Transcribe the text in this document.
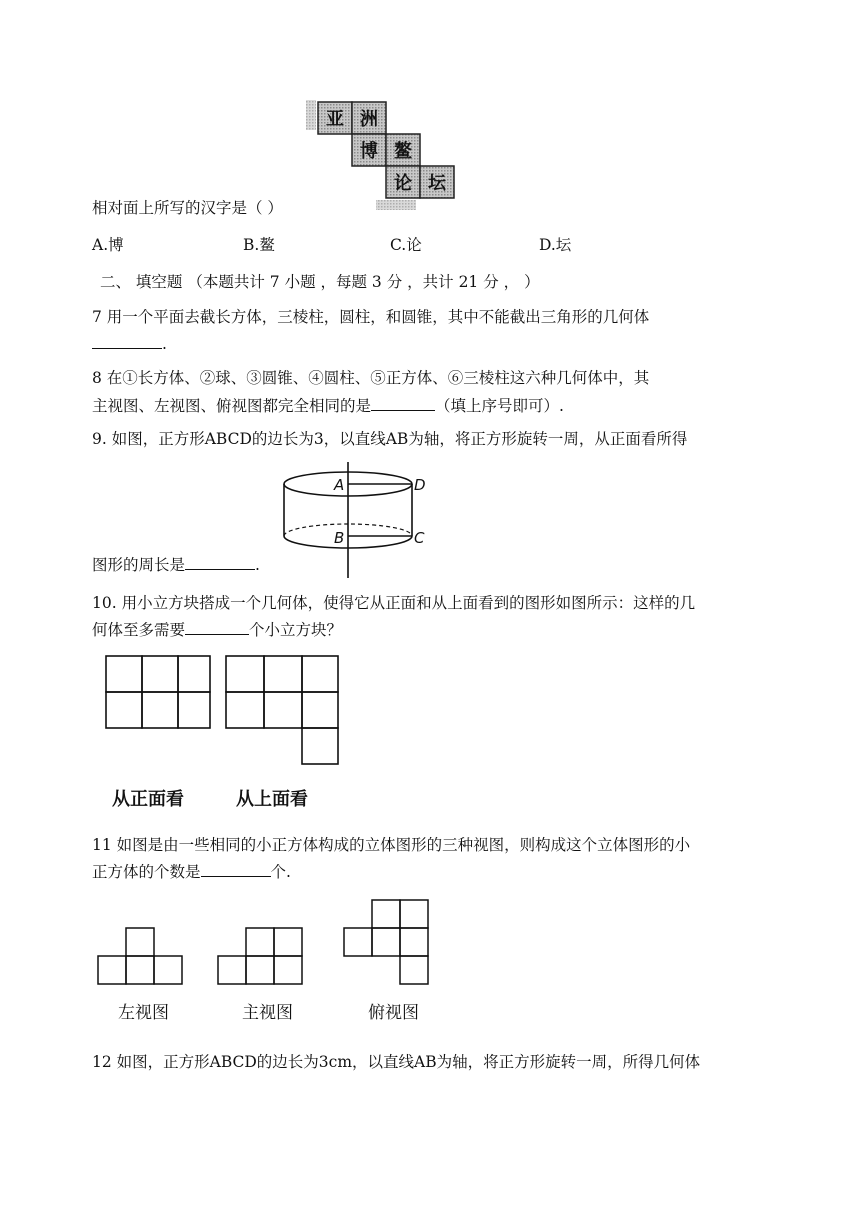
亚 洲
博 鳌
论 坛
相对面上所写的汉字是（ ）
A.博	B.鳌	C.论	D.坛
二、 填空题 （本题共计 7 小题 ，每题 3 分 ，共计 21 分 ， ）
7 用一个平面去截长方体，三棱柱，圆柱，和圆锥，其中不能截出三角形的几何体
.
8 在①长方体、②球、③圆锥、④圆柱、⑤正方体、⑥三棱柱这六种几何体中，其
主视图、左视图、俯视图都完全相同的是	（填上序号即可）.
9. 如图，正方形ABCD的边长为3，以直线AB为轴，将正方形旋转一周，从正面看所得
A	D
B	C
图形的周长是	.
10. 用小立方块搭成一个几何体，使得它从正面和从上面看到的图形如图所示：这样的几
何体至多需要	个小立方块？
从正面看	从上面看
11 如图是由一些相同的小正方体构成的立体图形的三种视图，则构成这个立体图形的小
正方体的个数是	个.
左视图	主视图	俯视图
12 如图，正方形ABCD的边长为3cm，以直线AB为轴，将正方形旋转一周，所得几何体
